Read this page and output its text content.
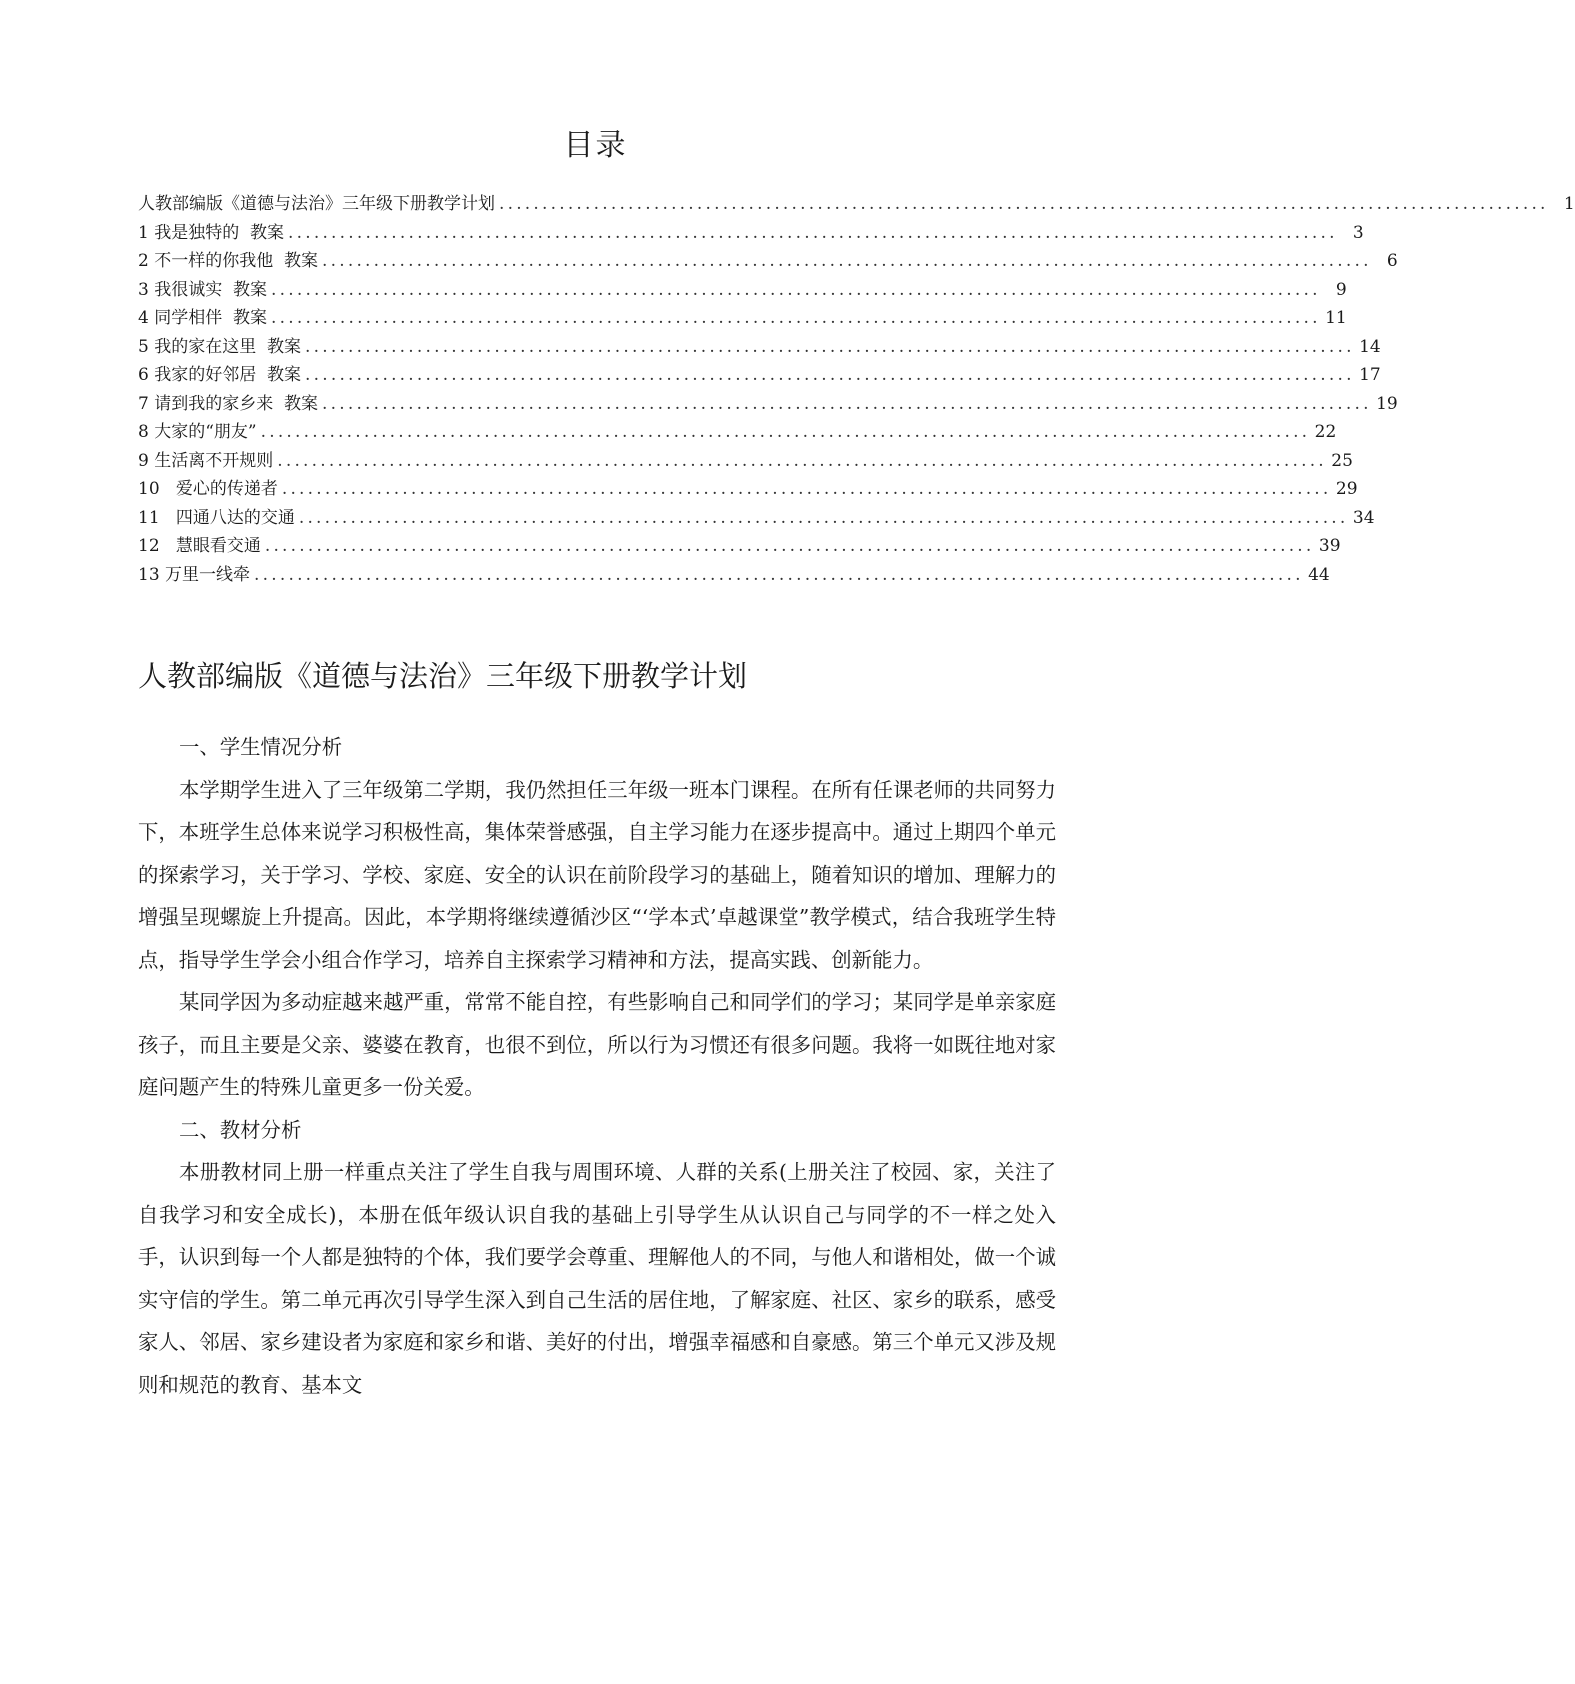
目录
人教部编版《道德与法治》三年级下册教学计划 .......................................................................................................................... 1
1 我是独特的  教案 .......................................................................................................................... 3
2 不一样的你我他  教案 .......................................................................................................................... 6
3 我很诚实  教案 .......................................................................................................................... 9
4 同学相伴  教案 .......................................................................................................................... 11
5 我的家在这里  教案 .......................................................................................................................... 14
6 我家的好邻居  教案 .......................................................................................................................... 17
7 请到我的家乡来  教案 .......................................................................................................................... 19
8 大家的“朋友” .......................................................................................................................... 22
9 生活离不开规则 .......................................................................................................................... 25
10   爱心的传递者 .......................................................................................................................... 29
11   四通八达的交通 .......................................................................................................................... 34
12   慧眼看交通 .......................................................................................................................... 39
13 万里一线牵 .......................................................................................................................... 44
人教部编版《道德与法治》三年级下册教学计划

一、学生情况分析

本学期学生进入了三年级第二学期，我仍然担任三年级一班本门课程。在所有任课老师的共同努力下，本班学生总体来说学习积极性高，集体荣誉感强，自主学习能力在逐步提高中。通过上期四个单元的探索学习，关于学习、学校、家庭、安全的认识在前阶段学习的基础上，随着知识的增加、理解力的增强呈现螺旋上升提高。因此，本学期将继续遵循沙区“‘学本式’卓越课堂”教学模式，结合我班学生特点，指导学生学会小组合作学习，培养自主探索学习精神和方法，提高实践、创新能力。

某同学因为多动症越来越严重，常常不能自控，有些影响自己和同学们的学习；某同学是单亲家庭孩子，而且主要是父亲、婆婆在教育，也很不到位，所以行为习惯还有很多问题。我将一如既往地对家庭问题产生的特殊儿童更多一份关爱。

二、教材分析

本册教材同上册一样重点关注了学生自我与周围环境、人群的关系(上册关注了校园、家，关注了自我学习和安全成长)，本册在低年级认识自我的基础上引导学生从认识自己与同学的不一样之处入手，认识到每一个人都是独特的个体，我们要学会尊重、理解他人的不同，与他人和谐相处，做一个诚实守信的学生。第二单元再次引导学生深入到自己生活的居住地，了解家庭、社区、家乡的联系，感受家人、邻居、家乡建设者为家庭和家乡和谐、美好的付出，增强幸福感和自豪感。第三个单元又涉及规则和规范的教育、基本文
